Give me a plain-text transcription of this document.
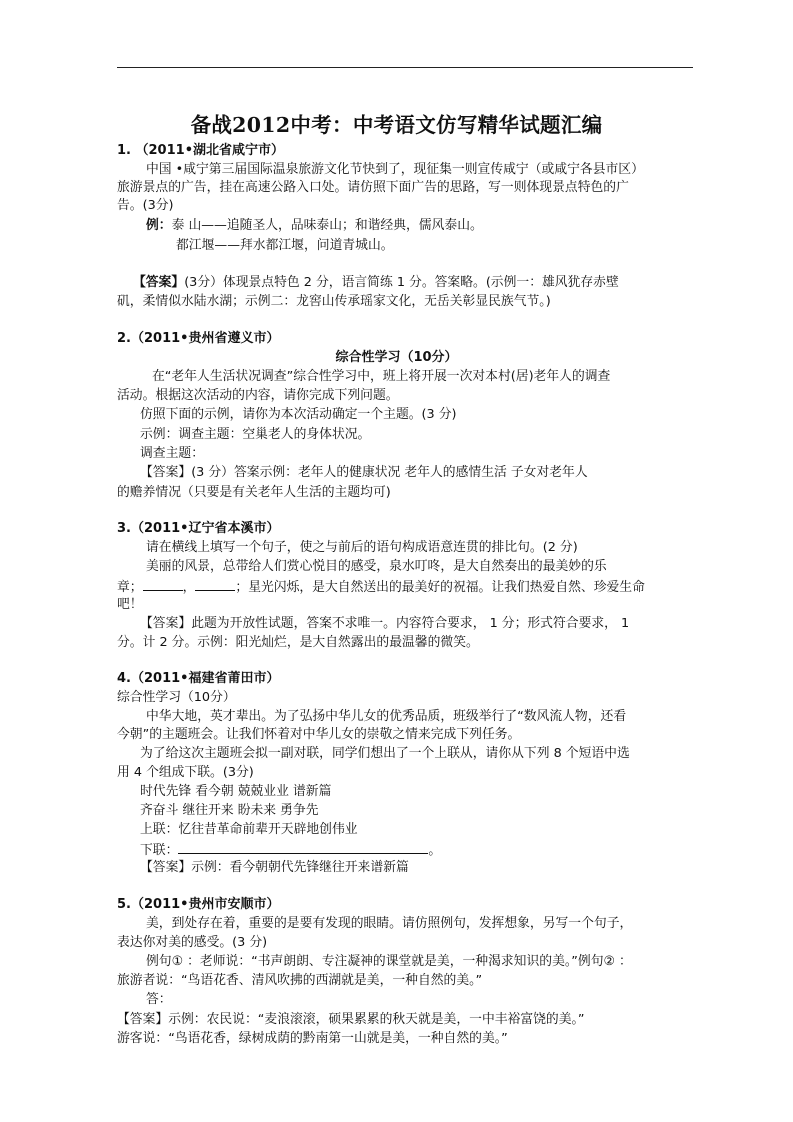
备战2012中考：中考语文仿写精华试题汇编
1. （2011•湖北省咸宁市）
中国 •咸宁第三届国际温泉旅游文化节快到了，现征集一则宣传咸宁（或咸宁各县市区）
旅游景点的广告，挂在高速公路入口处。请仿照下面广告的思路，写一则体现景点特色的广
告。(3分)
例：泰 山——追随圣人，品味泰山；和谐经典，儒风泰山。
都江堰——拜水都江堰，问道青城山。
【答案】(3分）体现景点特色 2 分，语言简练 1 分。答案略。(示例一：雄风犹存赤壁
矶，柔情似水陆水湖；示例二：龙窖山传承瑶家文化，无岳关彰显民族气节。)
2.（2011•贵州省遵义市）
综合性学习（10分）
在“老年人生活状况调查”综合性学习中，班上将开展一次对本村(居)老年人的调查
活动。根据这次活动的内容，请你完成下列问题。
仿照下面的示例，请你为本次活动确定一个主题。(3 分)
示例：调查主题：空巢老人的身体状况。
调查主题：
【答案】(3 分）答案示例：老年人的健康状况 老年人的感情生活 子女对老年人
的赡养情况（只要是有关老年人生活的主题均可)
3.（2011•辽宁省本溪市）
请在横线上填写一个句子，使之与前后的语句构成语意连贯的排比句。(2 分)
美丽的风景，总带给人们赏心悦目的感受，泉水叮咚，是大自然奏出的最美妙的乐
章；	，	；星光闪烁，是大自然送出的最美好的祝福。让我们热爱自然、珍爱生命
吧！
【答案】此题为开放性试题，答案不求唯一。内容符合要求， 1 分；形式符合要求， 1
分。计 2 分。示例：阳光灿烂，是大自然露出的最温馨的微笑。
4.（2011•福建省莆田市）
综合性学习（10分）
中华大地，英才辈出。为了弘扬中华儿女的优秀品质，班级举行了“数风流人物，还看
今朝”的主题班会。让我们怀着对中华儿女的崇敬之情来完成下列任务。
为了给这次主题班会拟一副对联，同学们想出了一个上联从，请你从下列 8 个短语中选
用 4 个组成下联。(3分)
时代先锋 看今朝 兢兢业业 谱新篇
齐奋斗 继往开来 盼未来 勇争先
上联：忆往昔革命前辈开天辟地创伟业
下联：	。
【答案】示例：看今朝朝代先锋继往开来谱新篇
5.（2011•贵州市安顺市）
美，到处存在着，重要的是要有发现的眼睛。请仿照例句，发挥想象，另写一个句子，
表达你对美的感受。(3 分)
例句① ：老师说：“书声朗朗、专注凝神的课堂就是美，一种渴求知识的美。”例句② ：
旅游者说：“鸟语花香、清风吹拂的西湖就是美，一种自然的美。”
答：
【答案】示例：农民说：“麦浪滚滚，硕果累累的秋天就是美，一中丰裕富饶的美。”
游客说：“鸟语花香，绿树成荫的黔南第一山就是美，一种自然的美。”
